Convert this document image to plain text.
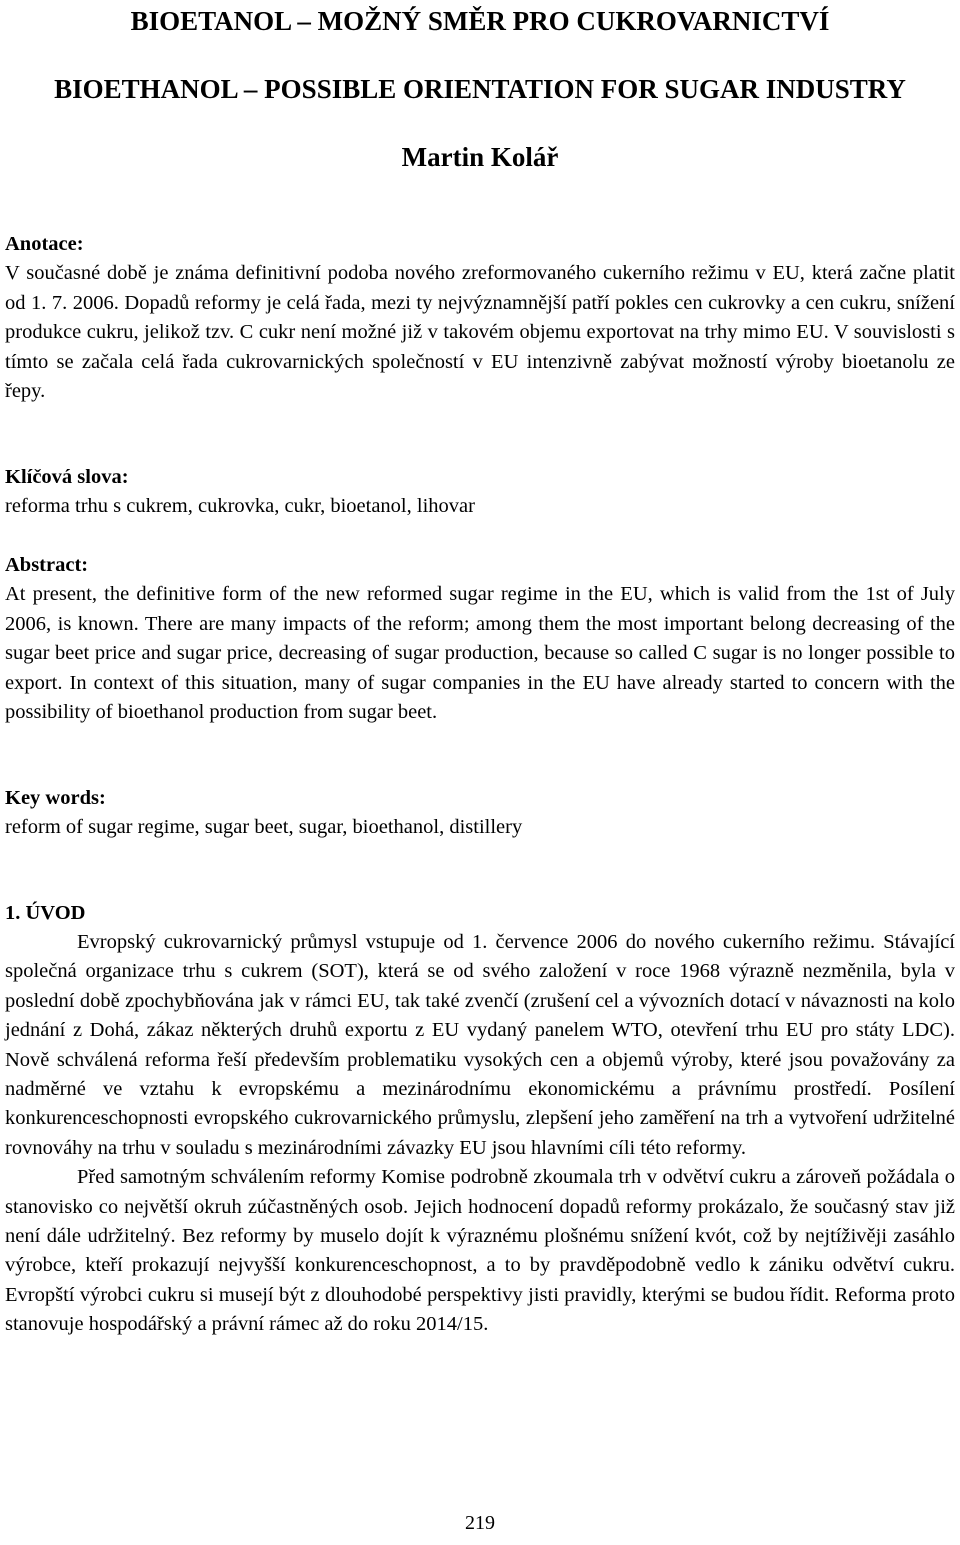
BIOETANOL – MOŽNÝ SMĚR PRO CUKROVARNICTVÍ
BIOETHANOL – POSSIBLE ORIENTATION FOR SUGAR INDUSTRY
Martin Kolář

Anotace:

V současné době je známa definitivní podoba nového zreformovaného cukerního režimu v EU, která začne platit od 1. 7. 2006. Dopadů reformy je celá řada, mezi ty nejvýznamnější patří pokles cen cukrovky a cen cukru, snížení produkce cukru, jelikož tzv. C cukr není možné již v takovém objemu exportovat na trhy mimo EU. V souvislosti s tímto se začala celá řada cukrovarnických společností v EU intenzivně zabývat možností výroby bioetanolu ze řepy.

Klíčová slova:

reforma trhu s cukrem, cukrovka, cukr, bioetanol, lihovar

Abstract:

At present, the definitive form of the new reformed sugar regime in the EU, which is valid from the 1st of July 2006, is known. There are many impacts of the reform; among them the most important belong decreasing of the sugar beet price and sugar price, decreasing of sugar production, because so called C sugar is no longer possible to export. In context of this situation, many of sugar companies in the EU have already started to concern with the possibility of bioethanol production from sugar beet.

Key words:

reform of sugar regime, sugar beet, sugar, bioethanol, distillery

1. ÚVOD

Evropský cukrovarnický průmysl vstupuje od 1. července 2006 do nového cukerního režimu. Stávající společná organizace trhu s cukrem (SOT), která se od svého založení v roce 1968 výrazně nezměnila, byla v poslední době zpochybňována jak v rámci EU, tak také zvenčí (zrušení cel a vývozních dotací v návaznosti na kolo jednání z Dohá, zákaz některých druhů exportu z EU vydaný panelem WTO, otevření trhu EU pro státy LDC). Nově schválená reforma řeší především problematiku vysokých cen a objemů výroby, které jsou považovány za nadměrné ve vztahu k evropskému a mezinárodnímu ekonomickému a právnímu prostředí. Posílení konkurenceschopnosti evropského cukrovarnického průmyslu, zlepšení jeho zaměření na trh a vytvoření udržitelné rovnováhy na trhu v souladu s mezinárodními závazky EU jsou hlavními cíli této reformy.

Před samotným schválením reformy Komise podrobně zkoumala trh v odvětví cukru a zároveň požádala o stanovisko co největší okruh zúčastněných osob. Jejich hodnocení dopadů reformy prokázalo, že současný stav již není dále udržitelný. Bez reformy by muselo dojít k výraznému plošnému snížení kvót, což by nejtíživěji zasáhlo výrobce, kteří prokazují nejvyšší konkurenceschopnost, a to by pravděpodobně vedlo k zániku odvětví cukru. Evropští výrobci cukru si musejí být z dlouhodobé perspektivy jisti pravidly, kterými se budou řídit. Reforma proto stanovuje hospodářský a právní rámec až do roku 2014/15.

219
